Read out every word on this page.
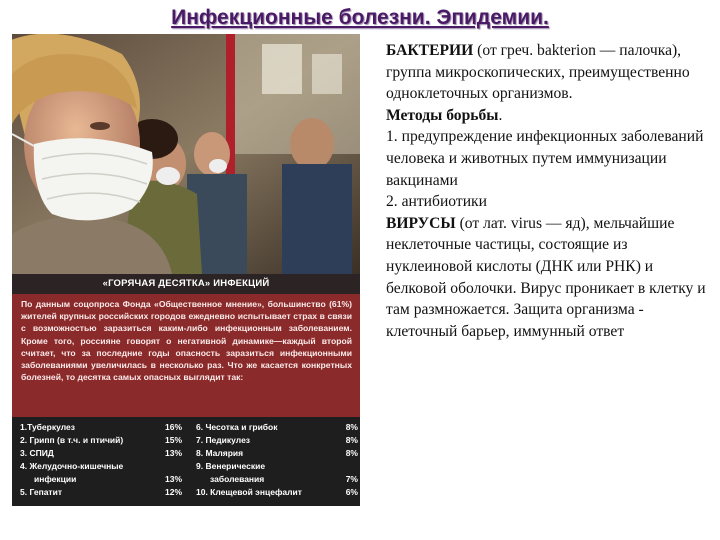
Инфекционные болезни. Эпидемии.
«ГОРЯЧАЯ ДЕСЯТКА» ИНФЕКЦИЙ
По данным соцопроса Фонда «Общественное мнение», большинство (61%) жителей крупных российских городов ежедневно испытывает страх в связи с возможностью заразиться каким-либо инфекционным заболеванием. Кроме того, россияне говорят о негативной динамике—каждый второй считает, что за последние годы опасность заразиться инфекционными заболеваниями увеличилась в несколько раз. Что же касается конкретных болезней, то десятка самых опасных выглядит так:
1.Туберкулез	16%
2. Грипп (в т.ч. и птичий)	15%
3. СПИД	13%
4. Желудочно-кишечные
инфекции	13%
5. Гепатит	12%
6. Чесотка и грибок	8%
7. Педикулез	8%
8. Малярия	8%
9. Венерические
заболевания	7%
10. Клещевой энцефалит	6%

БАКТЕРИИ (от греч. bakterion — палочка), группа микроскопических, преимущественно одноклеточных организмов.

Методы борьбы.

1. предупреждение инфекционных заболеваний человека и животных путем иммунизации вакцинами

2. антибиотики

ВИРУСЫ (от лат. virus — яд), мельчайшие неклеточные частицы, состоящие из нуклеиновой кислоты (ДНК или РНК) и белковой оболочки. Вирус проникает в клетку и там размножается. Защита организма - клеточный барьер, иммунный ответ
